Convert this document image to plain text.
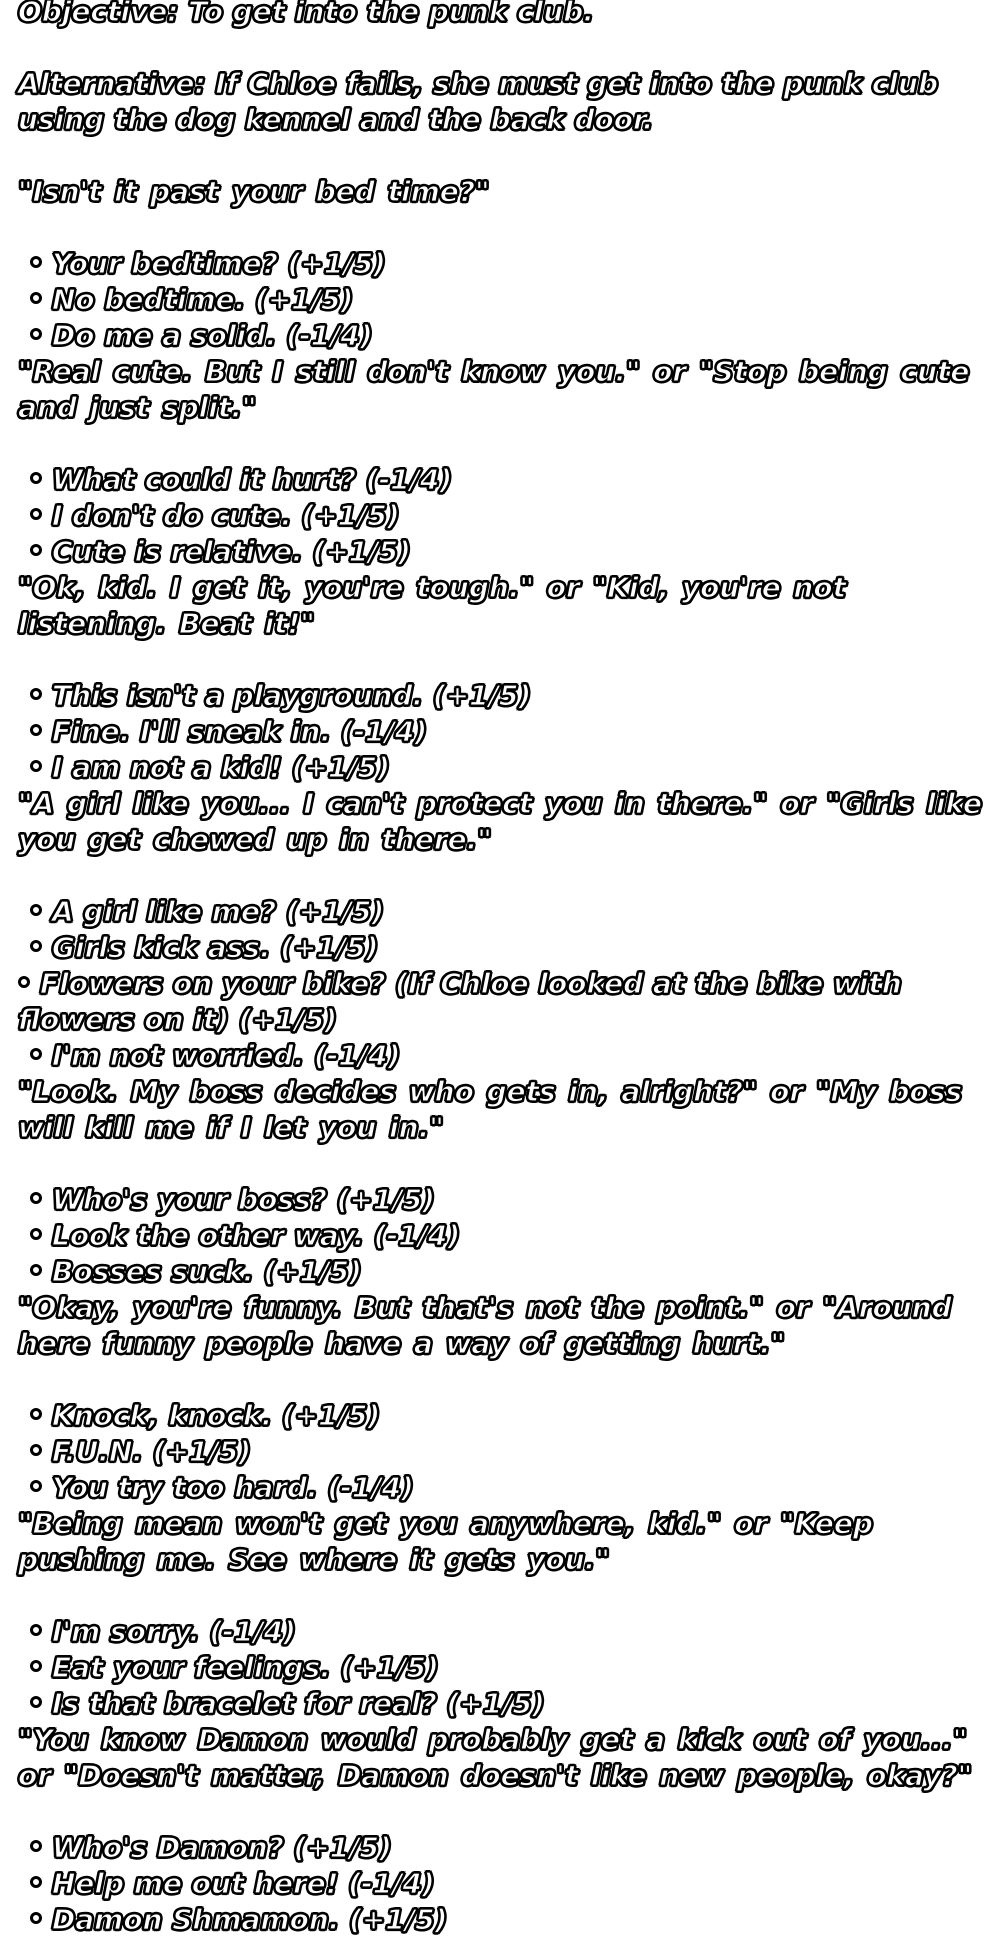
Objective: To get into the punk club.

Alternative: If Chloe fails, she must get into the punk club using the dog kennel and the back door.

"Isn't it past your bed time?"

Your bedtime? (+1/5)
No bedtime. (+1/5)
Do me a solid. (-1/4)

"Real cute. But I still don't know you." or "Stop being cute and just split."

What could it hurt? (-1/4)
I don't do cute. (+1/5)
Cute is relative. (+1/5)

"Ok, kid. I get it, you're tough." or "Kid, you're not listening. Beat it!"

This isn't a playground. (+1/5)
Fine. I'll sneak in. (-1/4)
I am not a kid! (+1/5)

"A girl like you... I can't protect you in there." or "Girls like you get chewed up in there."

A girl like me? (+1/5)
Girls kick ass. (+1/5)
Flowers on your bike? (If Chloe looked at the bike with flowers on it) (+1/5)
I'm not worried. (-1/4)

"Look. My boss decides who gets in, alright?" or "My boss will kill me if I let you in."

Who's your boss? (+1/5)
Look the other way. (-1/4)
Bosses suck. (+1/5)

"Okay, you're funny. But that's not the point." or "Around here funny people have a way of getting hurt."

Knock, knock. (+1/5)
F.U.N. (+1/5)
You try too hard. (-1/4)

"Being mean won't get you anywhere, kid." or "Keep pushing me. See where it gets you."

I'm sorry. (-1/4)
Eat your feelings. (+1/5)
Is that bracelet for real? (+1/5)

"You know Damon would probably get a kick out of you..." or "Doesn't matter, Damon doesn't like new people, okay?"

Who's Damon? (+1/5)
Help me out here! (-1/4)
Damon Shmamon. (+1/5)
